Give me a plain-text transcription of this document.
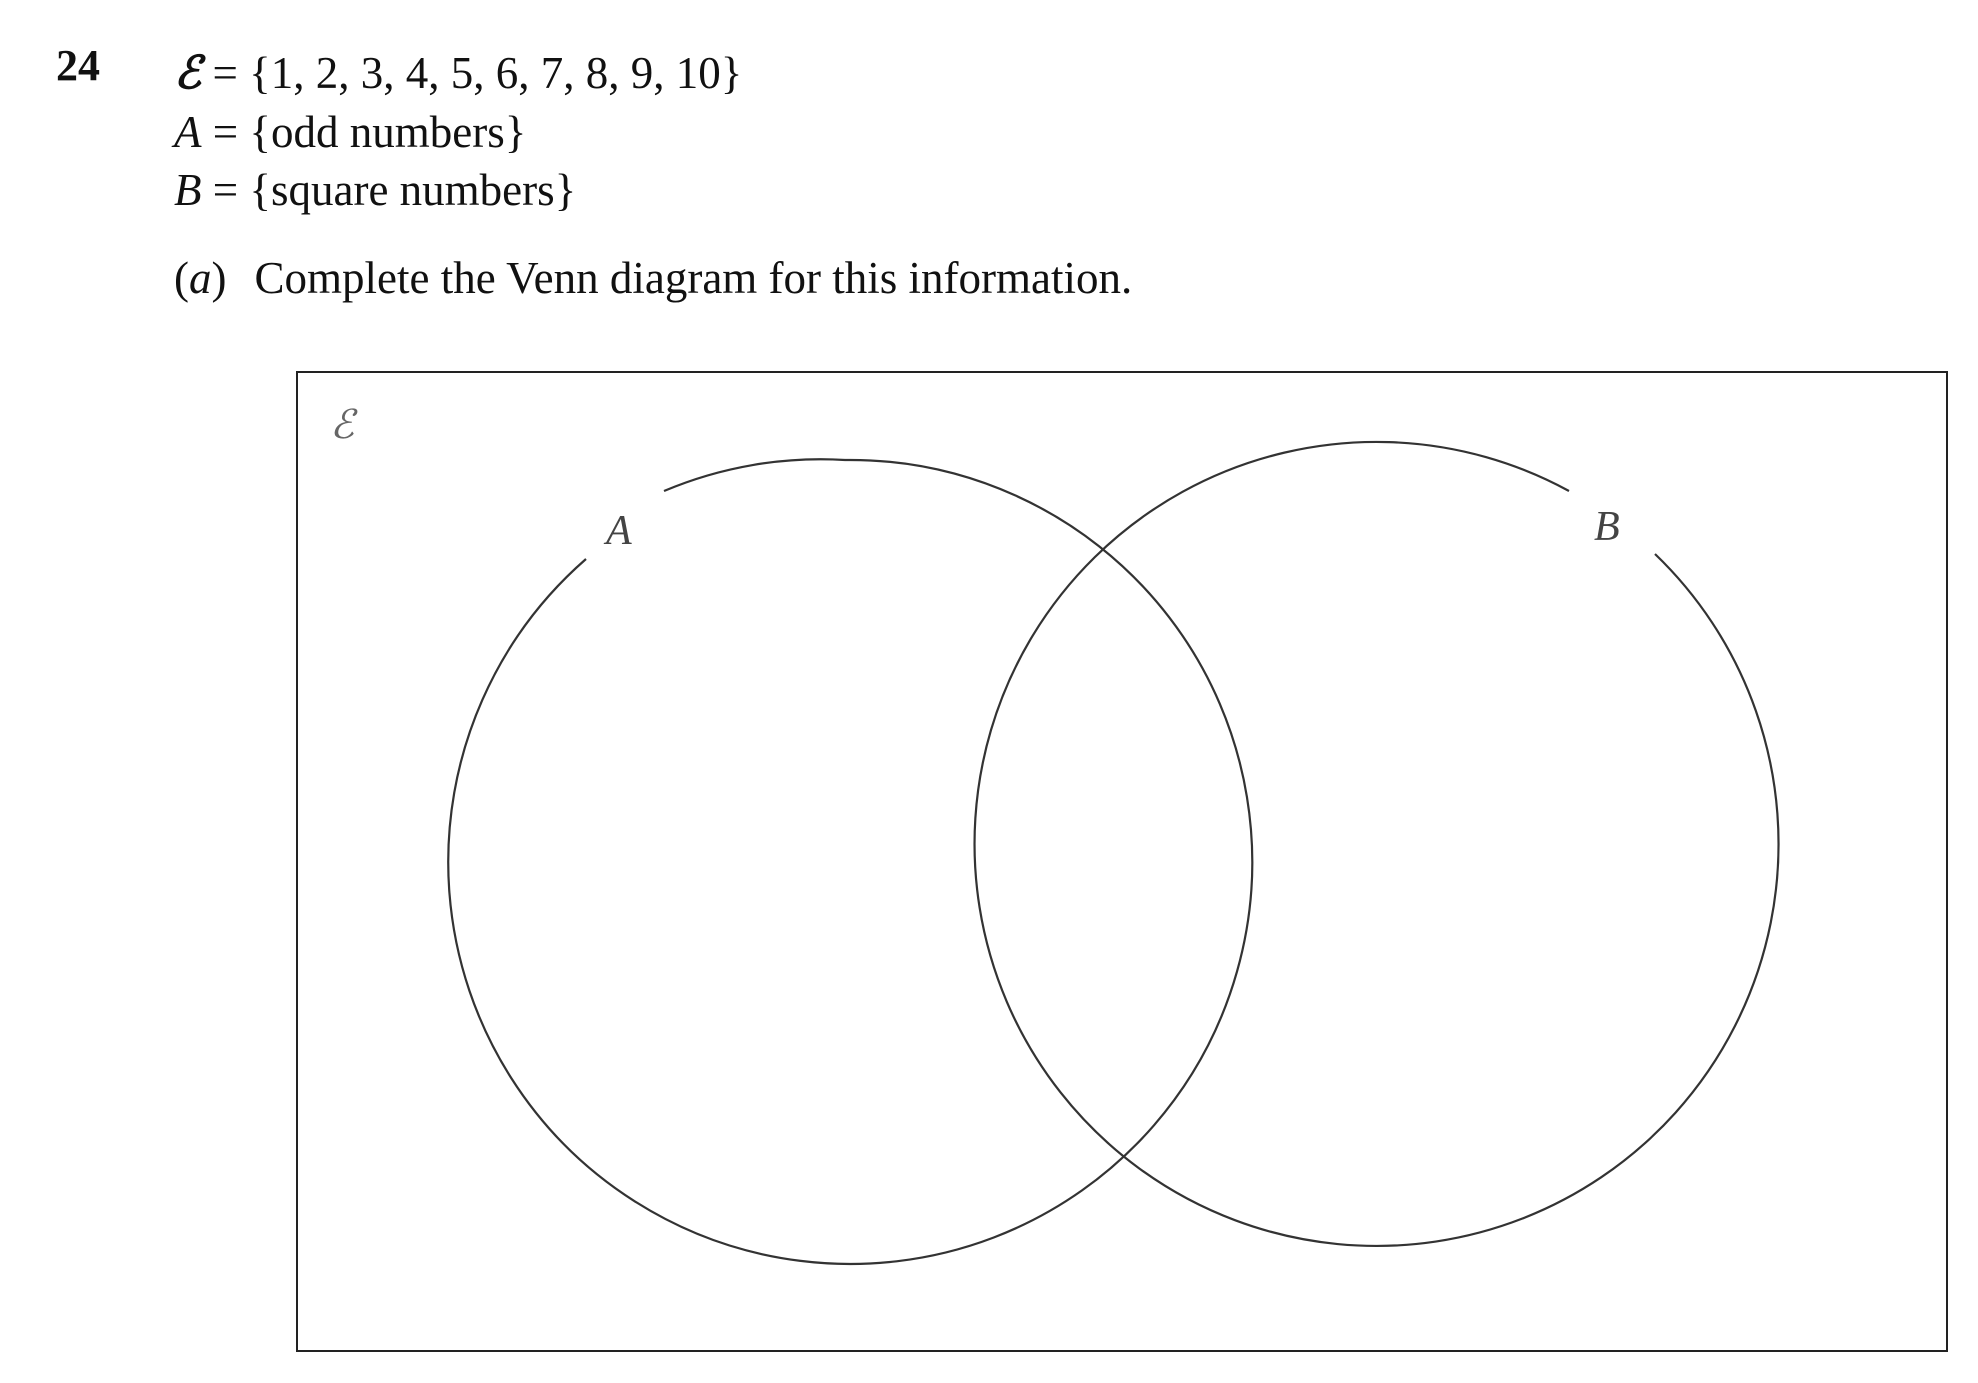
24 ℰ = {1, 2, 3, 4, 5, 6, 7, 8, 9, 10}
A = {odd numbers}
B = {square numbers}
(a) Complete the Venn diagram for this information.
ℰ
A	B
